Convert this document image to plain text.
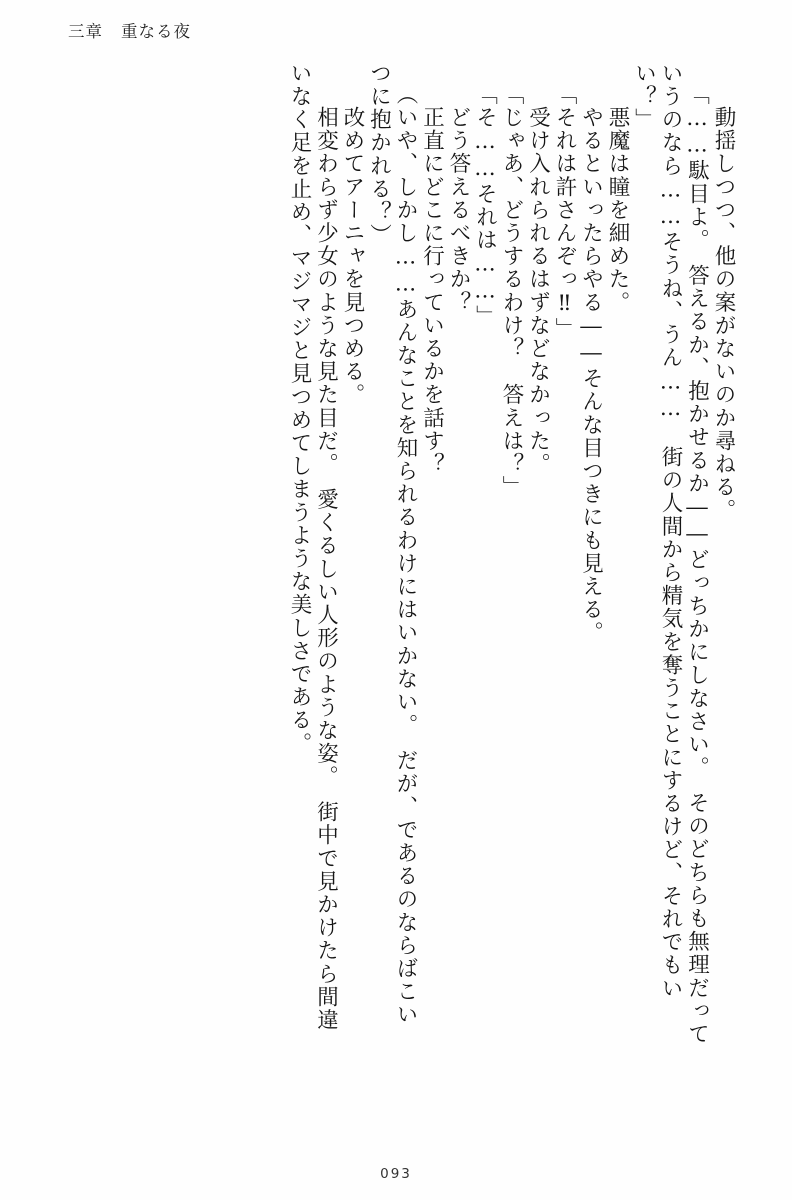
三章 重なる夜
　動揺しつつ、他の案がないのか尋ねる。
「……駄目よ。　答えるか、抱かせるか――どっちかにしなさい。　そのどちらも無理だって
いうのなら……そうね、うん……　街の人間から精気を奪うことにするけど、それでもい
い？」
　悪魔は瞳を細めた。
　やるといったらやる――そんな目つきにも見える。
「それは許さんぞっ‼」
　受け入れられるはずなどなかった。
「じゃあ、どうするわけ？　答えは？」
「そ……それは……」
　どう答えるべきか？
　正直にどこに行っているかを話す？
（いや、しかし……あんなことを知られるわけにはいかない。　だが、であるのならばこい
つに抱かれる？）
　改めてアーニャを見つめる。
　相変わらず少女のような見た目だ。　愛くるしい人形のような姿。　街中で見かけたら間違
いなく足を止め、マジマジと見つめてしまうような美しさである。
093
